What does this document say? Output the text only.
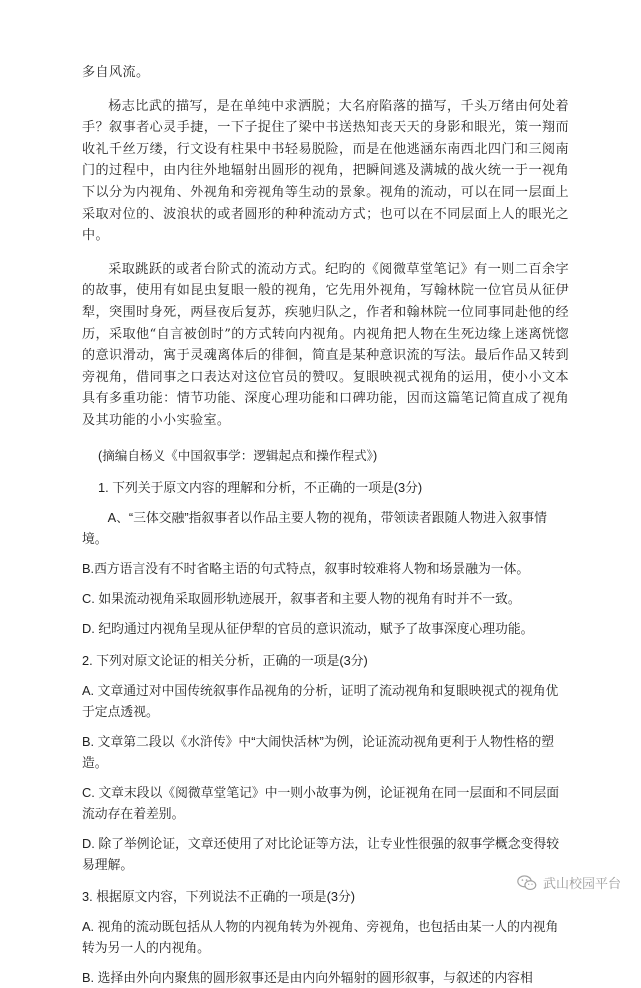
多自风流。

杨志比武的描写，是在单纯中求洒脱；大名府陷落的描写，千头万绪由何处着手？叙事者心灵手捷，一下子捉住了梁中书送热知丧天天的身影和眼光，策一翔而收礼千丝万缕，行文设有柱果中书轻易脱险，而是在他逃涵东南西北四门和三阅南门的过程中，由内往外地辐射出圆形的视角，把瞬间逃及满城的战火统一于一视角下以分为内视角、外视角和旁视角等生动的景象。视角的流动，可以在同一层面上采取对位的、波浪状的或者圆形的种种流动方式；也可以在不同层面上人的眼光之中。

采取跳跃的或者台阶式的流动方式。纪昀的《阅微草堂笔记》有一则二百余字的故事，使用有如昆虫复眼一般的视角，它先用外视角，写翰林院一位官员从征伊犁，突围时身死，两昼夜后复苏，疾驰归队之，作者和翰林院一位同事同赴他的经历，采取他“自言被创时”的方式转向内视角。内视角把人物在生死边缘上迷离恍惚的意识滑动，寓于灵魂离体后的徘徊，简直是某种意识流的写法。最后作品又转到旁视角，借同事之口表达对这位官员的赞叹。复眼映视式视角的运用，使小小文本具有多重功能：情节功能、深度心理功能和口碑功能，因而这篇笔记简直成了视角及其功能的小小实验室。

(摘编自杨义《中国叙事学：逻辑起点和操作程式》)

1. 下列关于原文内容的理解和分析，不正确的一项是(3分)

A、“三体交融”指叙事者以作品主要人物的视角，带领读者跟随人物进入叙事情境。

B.西方语言没有不时省略主语的句式特点，叙事时较难将人物和场景融为一体。

C. 如果流动视角采取圆形轨迹展开，叙事者和主要人物的视角有时并不一致。

D. 纪昀通过内视角呈现从征伊犁的官员的意识流动，赋予了故事深度心理功能。

2. 下列对原文论证的相关分析，正确的一项是(3分)

A. 文章通过对中国传统叙事作品视角的分析，证明了流动视角和复眼映视式的视角优于定点透视。

B. 文章第二段以《水浒传》中“大闹快活林”为例，论证流动视角更利于人物性格的塑造。

C. 文章末段以《阅微草堂笔记》中一则小故事为例，论证视角在同一层面和不同层面流动存在着差别。

D. 除了举例论证，文章还使用了对比论证等方法，让专业性很强的叙事学概念变得较易理解。

3. 根据原文内容，下列说法不正确的一项是(3分)

A. 视角的流动既包括从人物的内视角转为外视角、旁视角，也包括由某一人的内视角转为另一人的内视角。

B. 选择由外向内聚焦的圆形叙事还是由内向外辐射的圆形叙事，与叙述的内容相

武山校园平台
